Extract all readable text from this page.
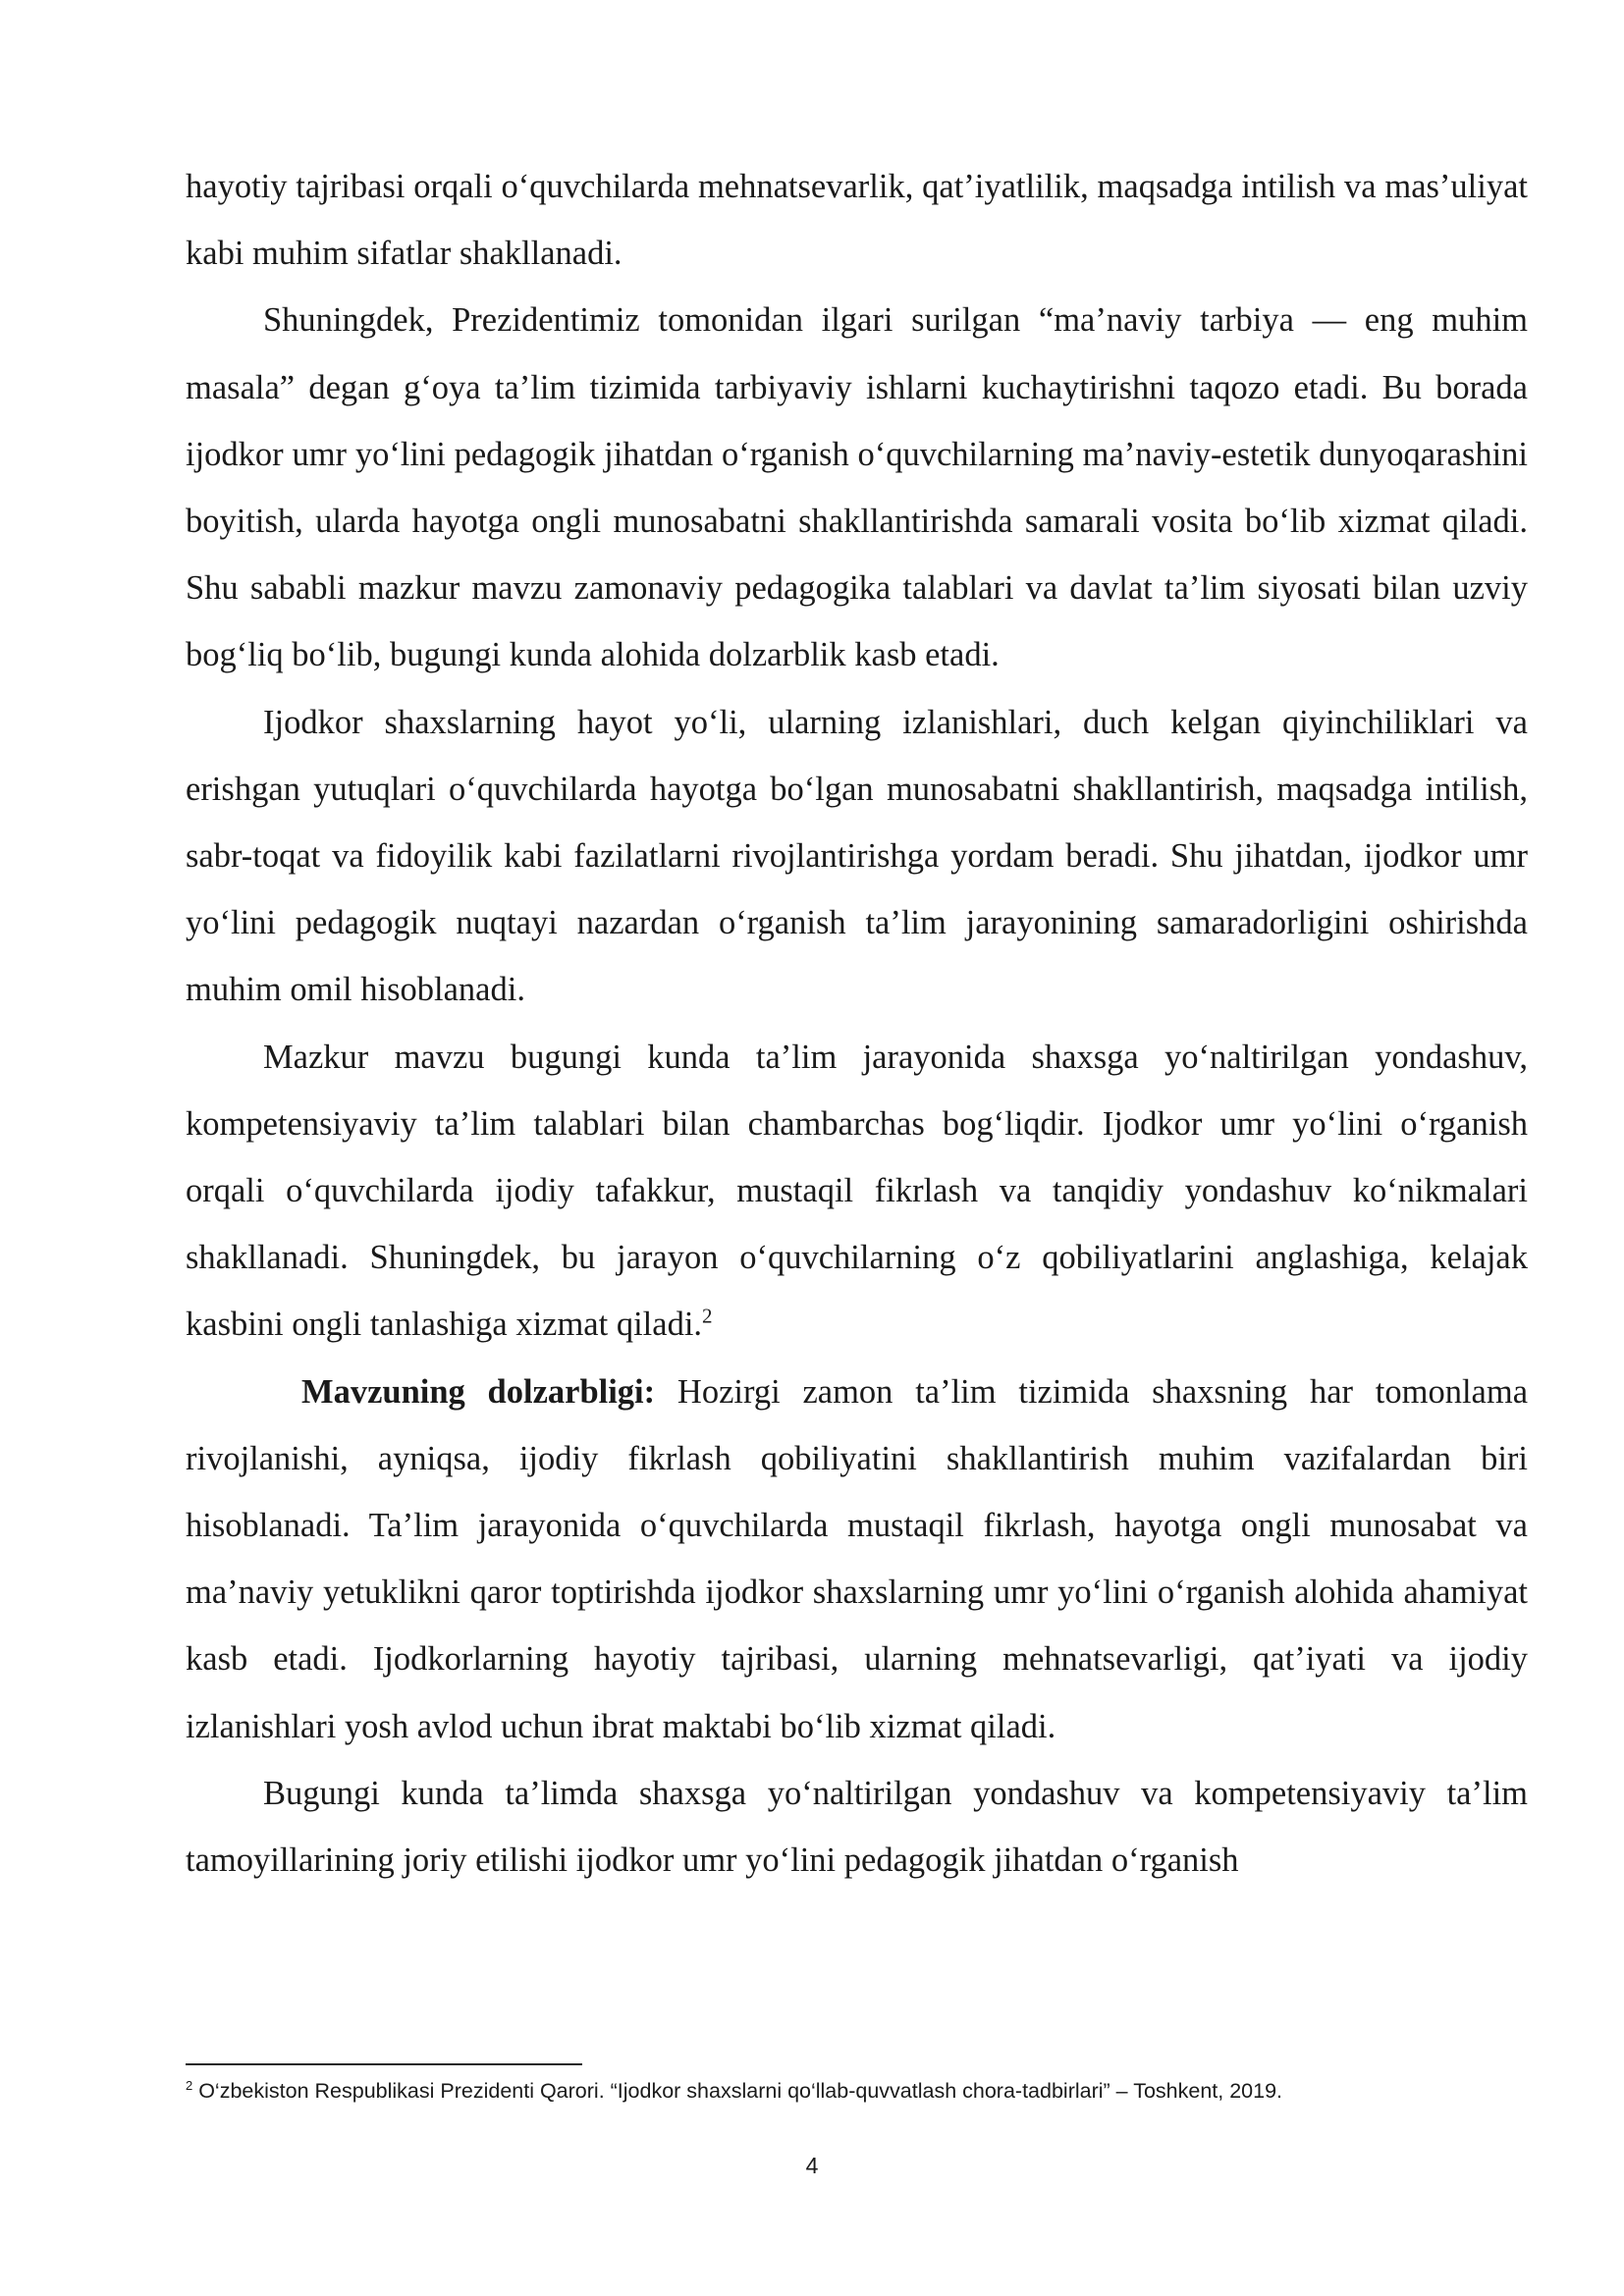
hayotiy tajribasi orqali o‘quvchilarda mehnatsevarlik, qat’iyatlilik, maqsadga intilish va mas’uliyat kabi muhim sifatlar shakllanadi.

Shuningdek, Prezidentimiz tomonidan ilgari surilgan “ma’naviy tarbiya — eng muhim masala” degan g‘oya ta’lim tizimida tarbiyaviy ishlarni kuchaytirishni taqozo etadi. Bu borada ijodkor umr yo‘lini pedagogik jihatdan o‘rganish o‘quvchilarning ma’naviy-estetik dunyoqarashini boyitish, ularda hayotga ongli munosabatni shakllantirishda samarali vosita bo‘lib xizmat qiladi. Shu sababli mazkur mavzu zamonaviy pedagogika talablari va davlat ta’lim siyosati bilan uzviy bog‘liq bo‘lib, bugungi kunda alohida dolzarblik kasb etadi.

Ijodkor shaxslarning hayot yo‘li, ularning izlanishlari, duch kelgan qiyinchiliklari va erishgan yutuqlari o‘quvchilarda hayotga bo‘lgan munosabatni shakllantirish, maqsadga intilish, sabr-toqat va fidoyilik kabi fazilatlarni rivojlantirishga yordam beradi. Shu jihatdan, ijodkor umr yo‘lini pedagogik nuqtayi nazardan o‘rganish ta’lim jarayonining samaradorligini oshirishda muhim omil hisoblanadi.

Mazkur mavzu bugungi kunda ta’lim jarayonida shaxsga yo‘naltirilgan yondashuv, kompetensiyaviy ta’lim talablari bilan chambarchas bog‘liqdir. Ijodkor umr yo‘lini o‘rganish orqali o‘quvchilarda ijodiy tafakkur, mustaqil fikrlash va tanqidiy yondashuv ko‘nikmalari shakllanadi. Shuningdek, bu jarayon o‘quvchilarning o‘z qobiliyatlarini anglashiga, kelajak kasbini ongli tanlashiga xizmat qiladi.$^2$

Mavzuning dolzarbligi: Hozirgi zamon ta’lim tizimida shaxsning har tomonlama rivojlanishi, ayniqsa, ijodiy fikrlash qobiliyatini shakllantirish muhim vazifalardan biri hisoblanadi. Ta’lim jarayonida o‘quvchilarda mustaqil fikrlash, hayotga ongli munosabat va ma’naviy yetuklikni qaror toptirishda ijodkor shaxslarning umr yo‘lini o‘rganish alohida ahamiyat kasb etadi. Ijodkorlarning hayotiy tajribasi, ularning mehnatsevarligi, qat’iyati va ijodiy izlanishlari yosh avlod uchun ibrat maktabi bo‘lib xizmat qiladi.

Bugungi kunda ta’limda shaxsga yo‘naltirilgan yondashuv va kompetensiyaviy ta’lim tamoyillarining joriy etilishi ijodkor umr yo‘lini pedagogik jihatdan o‘rganish

$^2$ O‘zbekiston Respublikasi Prezidenti Qarori. “Ijodkor shaxslarni qo‘llab-quvvatlash chora-tadbirlari” – Toshkent, 2019.
4
